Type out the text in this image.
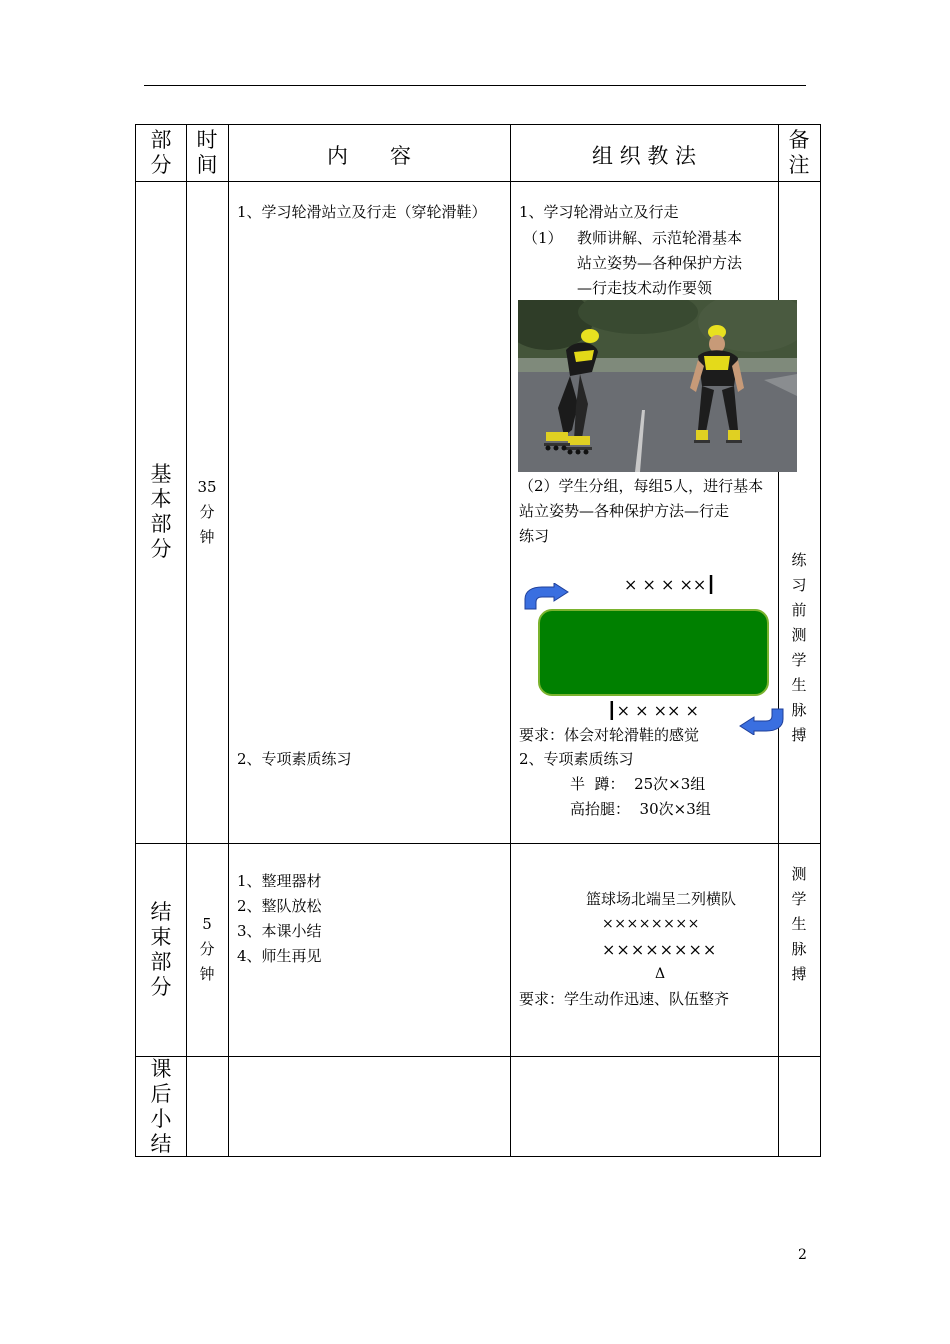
部
分
时
间	内　　容	组 织 教 法
备
注
基
本
部
分
35
分
钟
1、学习轮滑站立及行走（穿轮滑鞋）
2、专项素质练习
1、学习轮滑站立及行走
（1） 教师讲解、示范轮滑基本
站立姿势—各种保护方法
—行走技术动作要领
（2）学生分组，每组5人，进行基本
站立姿势—各种保护方法—行走
练习
× × × ××┃
┃× × ×× ×
要求：体会对轮滑鞋的感觉
2、专项素质练习
半  蹲：  25次×3组
高抬腿：  30次×3组
练
习
前
测
学
生
脉
搏
结
束
部
分
5
分
钟
1、整理器材
2、整队放松
3、本课小结
4、师生再见
篮球场北端呈二列横队
××××××××
××××××××
Δ
要求：学生动作迅速、队伍整齐
测
学
生
脉
搏
课
后
小
结
2
